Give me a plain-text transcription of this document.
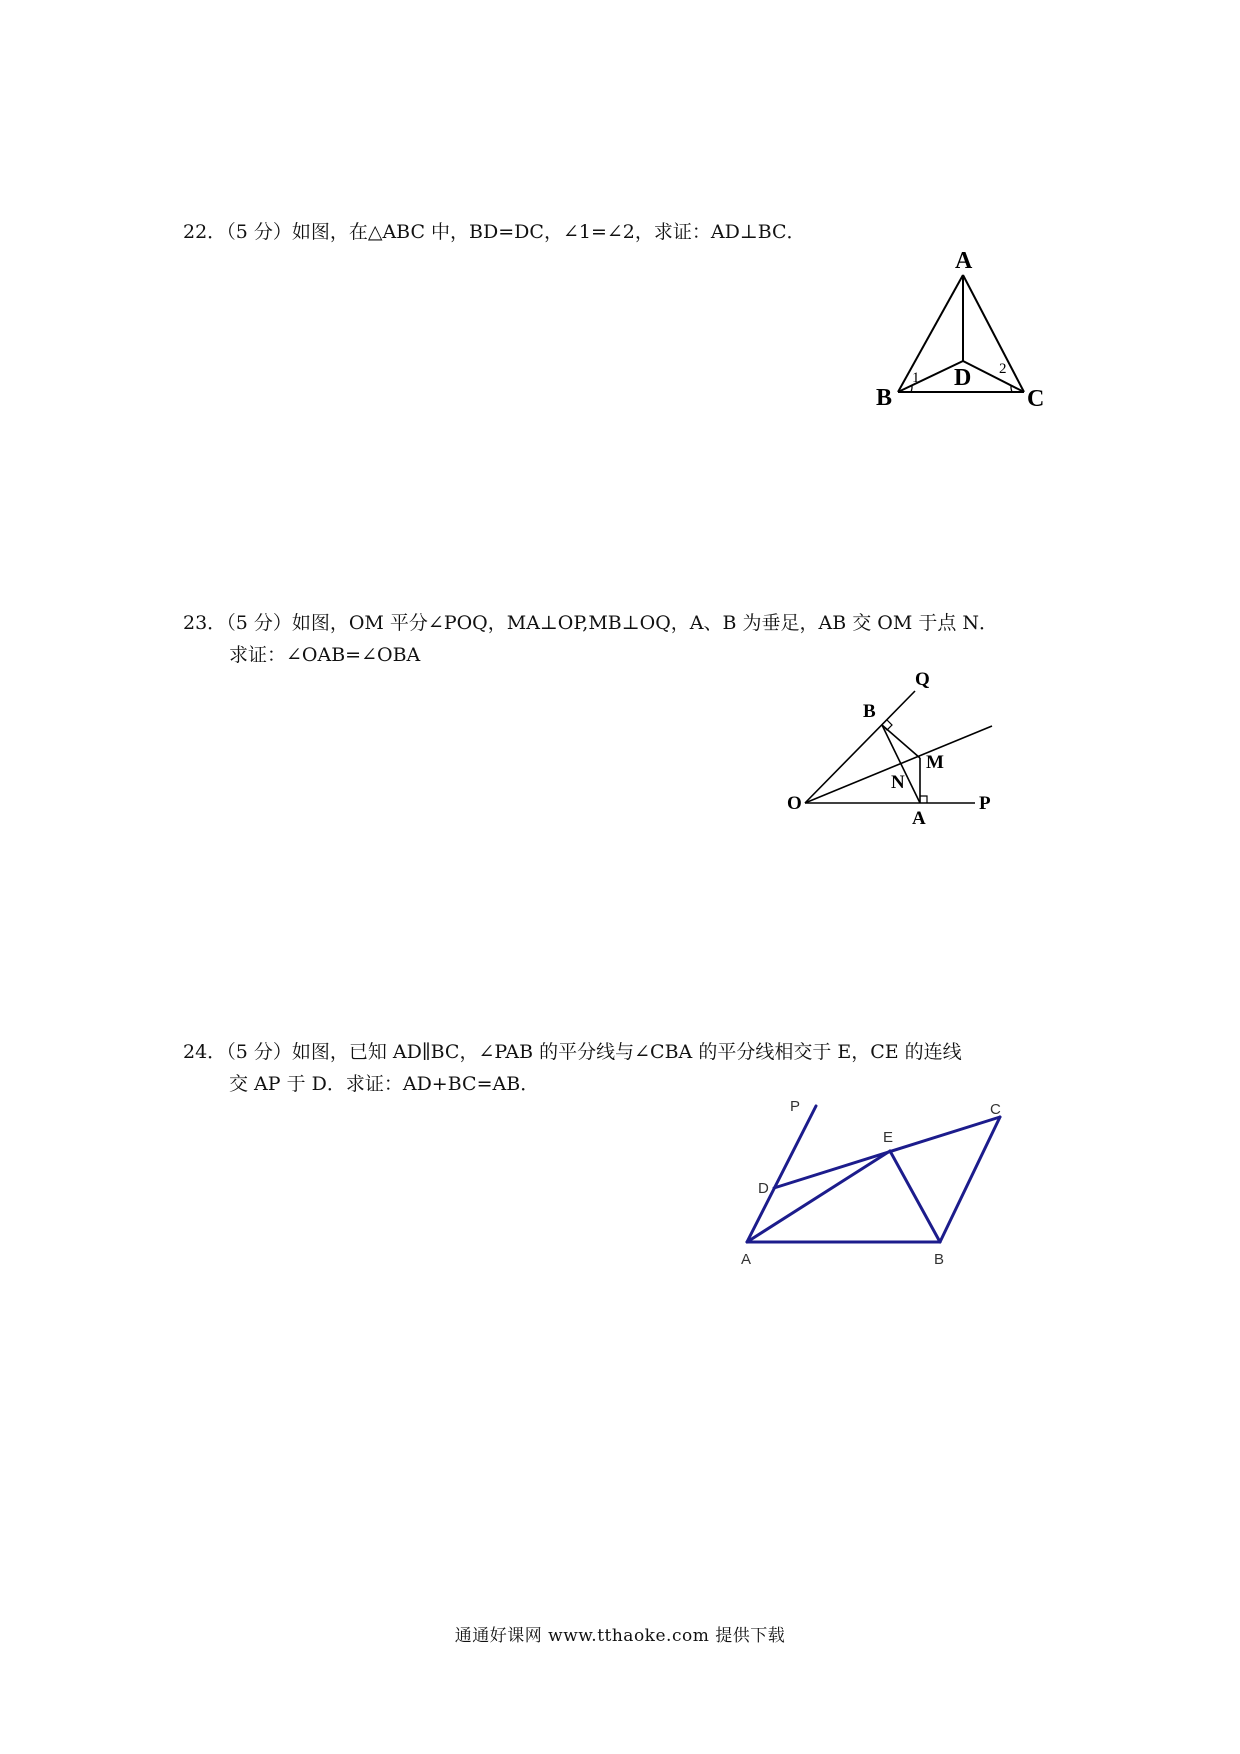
22．（5 分）如图，在△ABC 中，BD=DC，∠1=∠2，求证：AD⊥BC．
A
B	C
D
1
2
23．（5 分）如图，OM 平分∠POQ，MA⊥OP,MB⊥OQ，A、B 为垂足，AB 交 OM 于点 N．
求证：∠OAB=∠OBA
O	P
Q
B
M
N
A
24．（5 分）如图，已知 AD∥BC，∠PAB 的平分线与∠CBA 的平分线相交于 E，CE 的连线
交 AP 于 D．求证：AD+BC=AB．
P	C
E
D
A	B
通通好课网 www.tthaoke.com 提供下载
